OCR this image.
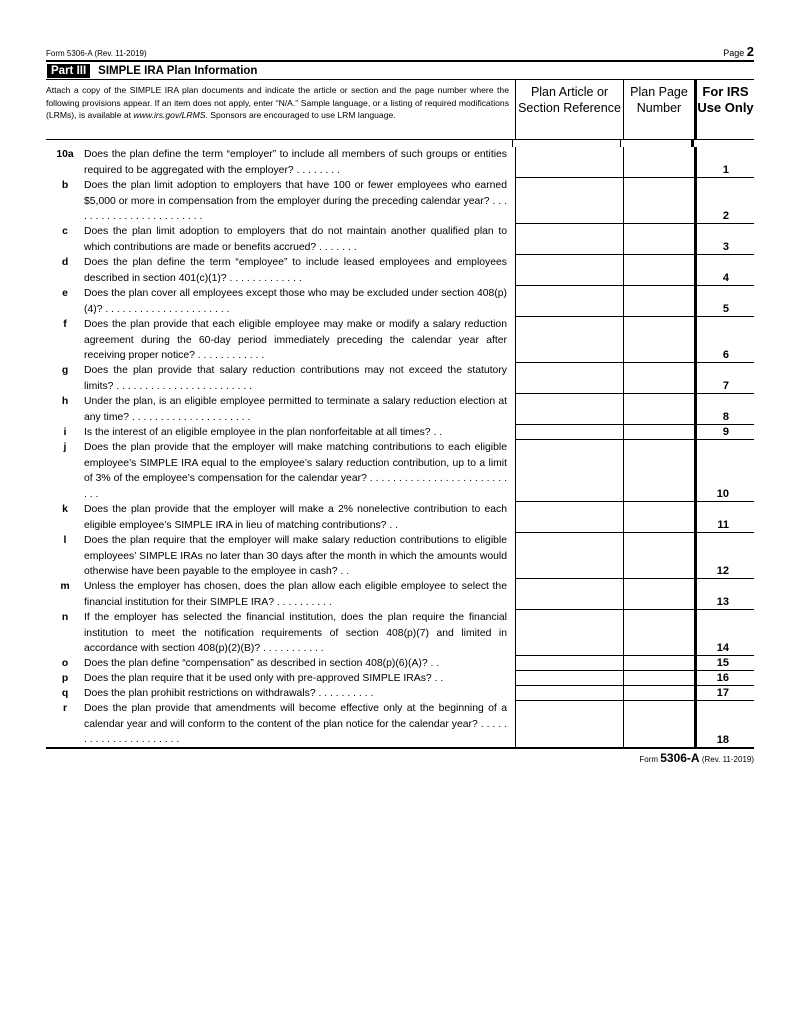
Form 5306-A (Rev. 11-2019)	Page 2
Part III	SIMPLE IRA Plan Information
Attach a copy of the SIMPLE IRA plan documents and indicate the article or section and the page number where the following provisions appear. If an item does not apply, enter “N/A.” Sample language, or a listing of required modifications (LRMs), is available at www.irs.gov/LRMS. Sponsors are encouraged to use LRM language.
Plan Article or Section Reference
Plan Page Number
For IRS Use Only
10a Does the plan define the term “employer” to include all members of such groups or entities required to be aggregated with the employer? . . . . . . . .	1
b	Does the plan limit adoption to employers that have 100 or fewer employees who earned $5,000 or more in compensation from the employer during the preceding calendar year? . . . . . . . . . . . . . . . . . . . . . . . .	2
c	Does the plan limit adoption to employers that do not maintain another qualified plan to which contributions are made or benefits accrued? . . . . . . .	3
d	Does the plan define the term “employee” to include leased employees and employees described in section 401(c)(1)? . . . . . . . . . . . . .	4
e	Does the plan cover all employees except those who may be excluded under section 408(p)(4)? . . . . . . . . . . . . . . . . . . . . . .	5
f	Does the plan provide that each eligible employee may make or modify a salary reduction agreement during the 60-day period immediately preceding the calendar year after receiving proper notice? . . . . . . . . . . . .	6
g	Does the plan provide that salary reduction contributions may not exceed the statutory limits? . . . . . . . . . . . . . . . . . . . . . . . .	7
h	Under the plan, is an eligible employee permitted to terminate a salary reduction election at any time? . . . . . . . . . . . . . . . . . . . . .	8
i	Is the interest of an eligible employee in the plan nonforfeitable at all times? . .	9
j	Does the plan provide that the employer will make matching contributions to each eligible employee’s SIMPLE IRA equal to the employee’s salary reduction contribution, up to a limit of 3% of the employee’s compensation for the calendar year? . . . . . . . . . . . . . . . . . . . . . . . . . . .	10
k	Does the plan provide that the employer will make a 2% nonelective contribution to each eligible employee’s SIMPLE IRA in lieu of matching contributions? . .	11
l	Does the plan require that the employer will make salary reduction contributions to eligible employees’ SIMPLE IRAs no later than 30 days after the month in which the amounts would otherwise have been payable to the employee in cash? . .	12
m	Unless the employer has chosen, does the plan allow each eligible employee to select the financial institution for their SIMPLE IRA? . . . . . . . . . .	13
n	If the employer has selected the financial institution, does the plan require the financial institution to meet the notification requirements of section 408(p)(7) and limited in accordance with section 408(p)(2)(B)? . . . . . . . . . . .	14
o	Does the plan define “compensation” as described in section 408(p)(6)(A)? . .	15
p	Does the plan require that it be used only with pre-approved SIMPLE IRAs? . .	16
q	Does the plan prohibit restrictions on withdrawals? . . . . . . . . . .	17
r	Does the plan provide that amendments will become effective only at the beginning of a calendar year and will conform to the content of the plan notice for the calendar year? . . . . . . . . . . . . . . . . . . . . . .	18
Form 5306-A (Rev. 11-2019)
